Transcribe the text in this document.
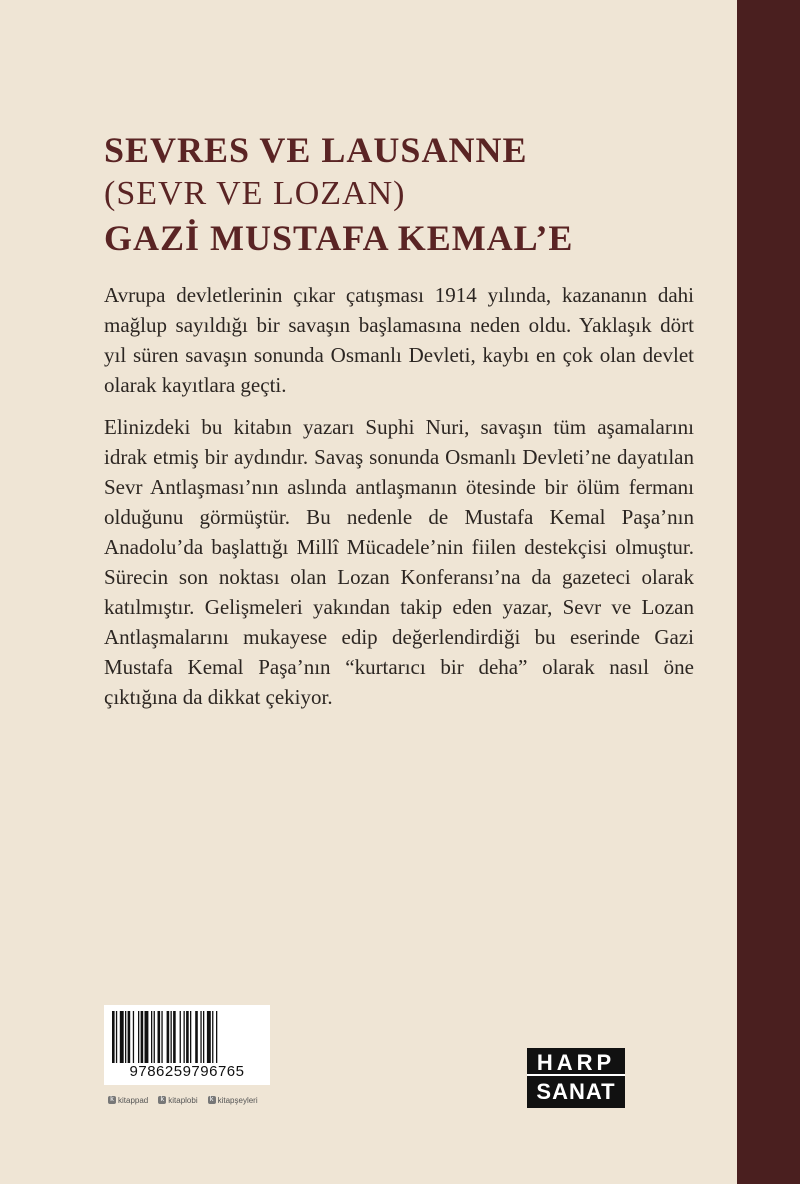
SEVRES VE LAUSANNE
(SEVR VE LOZAN)
GAZİ MUSTAFA KEMAL’E

Avrupa devletlerinin çıkar çatışması 1914 yılında, kazananın dahi mağlup sayıldığı bir savaşın başlamasına neden oldu. Yaklaşık dört yıl süren savaşın sonunda Osmanlı Devleti, kaybı en çok olan devlet olarak kayıtlara geçti.

Elinizdeki bu kitabın yazarı Suphi Nuri, savaşın tüm aşamalarını idrak etmiş bir aydındır. Savaş sonunda Osmanlı Devleti’ne dayatılan Sevr Antlaşması’nın aslında antlaşmanın ötesinde bir ölüm fermanı olduğunu görmüştür. Bu nedenle de Mustafa Kemal Paşa’nın Anadolu’da başlattığı Millî Mücadele’nin fiilen destekçisi olmuştur. Sürecin son noktası olan Lozan Konferansı’na da gazeteci olarak katılmıştır. Gelişmeleri yakından takip eden yazar, Sevr ve Lozan Antlaşmalarını mukayese edip değerlendirdiği bu eserinde Gazi Mustafa Kemal Paşa’nın “kurtarıcı bir deha” olarak nasıl öne çıktığına da dikkat çekiyor.

9786259796765
k kitappad	k kitaplobi	k kitapşeyleri
HARP
SANAT
